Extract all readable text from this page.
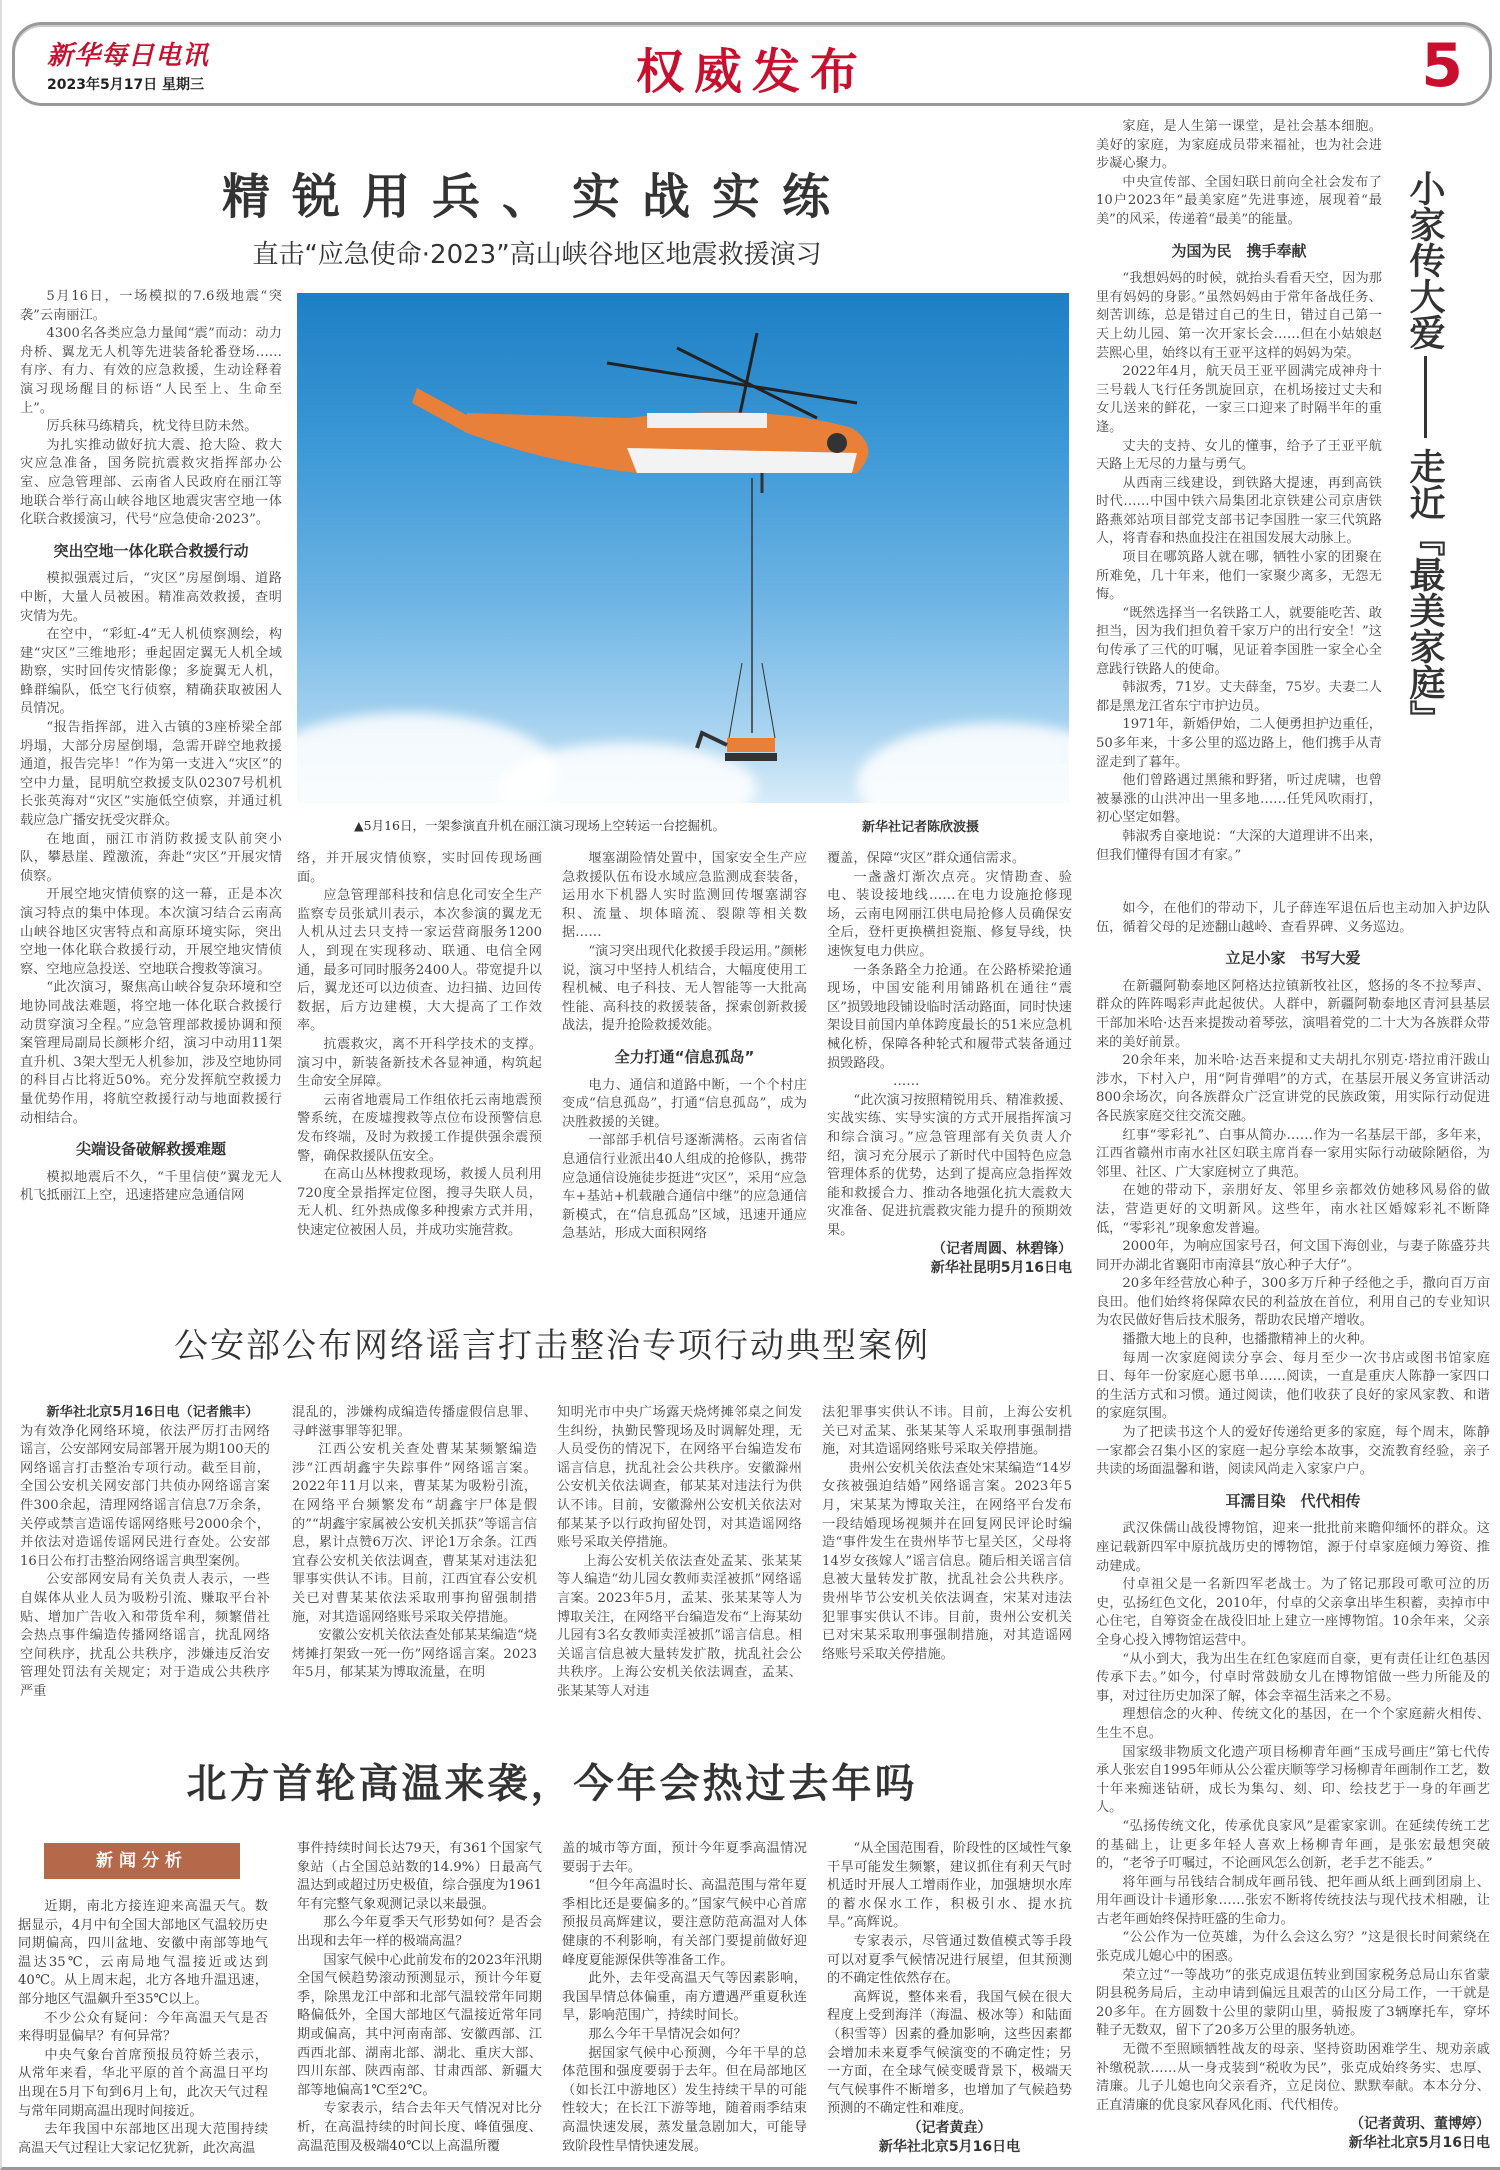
新华每日电讯
2023年5月17日 星期三	权威发布	5
精锐用兵、实战实练
直击“应急使命·2023”高山峡谷地区地震救援演习

5月16日，一场模拟的7.6级地震“突袭”云南丽江。

4300名各类应急力量闻“震”而动：动力舟桥、翼龙无人机等先进装备轮番登场……有序、有力、有效的应急救援，生动诠释着演习现场醒目的标语“人民至上、生命至上”。

厉兵秣马练精兵，枕戈待旦防未然。

为扎实推动做好抗大震、抢大险、救大灾应急准备，国务院抗震救灾指挥部办公室、应急管理部、云南省人民政府在丽江等地联合举行高山峡谷地区地震灾害空地一体化联合救援演习，代号“应急使命·2023”。

突出空地一体化联合救援行动

模拟强震过后，“灾区”房屋倒塌、道路中断，大量人员被困。精准高效救援，查明灾情为先。

在空中，“彩虹-4”无人机侦察测绘，构建“灾区”三维地形；垂起固定翼无人机全域勘察，实时回传灾情影像；多旋翼无人机，蜂群编队，低空飞行侦察，精确获取被困人员情况。

“报告指挥部，进入古镇的3座桥梁全部坍塌，大部分房屋倒塌，急需开辟空地救援通道，报告完毕！”作为第一支进入“灾区”的空中力量，昆明航空救援支队02307号机机长张英海对“灾区”实施低空侦察，并通过机载应急广播安抚受灾群众。

在地面，丽江市消防救援支队前突小队，攀悬崖、蹚激流，奔赴“灾区”开展灾情侦察。

开展空地灾情侦察的这一幕，正是本次演习特点的集中体现。本次演习结合云南高山峡谷地区灾害特点和高原环境实际，突出空地一体化联合救援行动，开展空地灾情侦察、空地应急投送、空地联合搜救等演习。

“此次演习，聚焦高山峡谷复杂环境和空地协同战法难题，将空地一体化联合救援行动贯穿演习全程。”应急管理部救援协调和预案管理局副局长颜彬介绍，演习中动用11架直升机、3架大型无人机参加，涉及空地协同的科目占比将近50%。充分发挥航空救援力量优势作用，将航空救援行动与地面救援行动相结合。

尖端设备破解救援难题

模拟地震后不久，“千里信使”翼龙无人机飞抵丽江上空，迅速搭建应急通信网

▲5月16日，一架参演直升机在丽江演习现场上空转运一台挖掘机。	新华社记者陈欣波摄

络，并开展灾情侦察，实时回传现场画面。

应急管理部科技和信息化司安全生产监察专员张斌川表示，本次参演的翼龙无人机从过去只支持一家运营商服务1200人，到现在实现移动、联通、电信全网通，最多可同时服务2400人。带宽提升以后，翼龙还可以边侦查、边扫描、边回传数据，后方边建模，大大提高了工作效率。

抗震救灾，离不开科学技术的支撑。演习中，新装备新技术各显神通，构筑起生命安全屏障。

云南省地震局工作组依托云南地震预警系统，在废墟搜救等点位布设预警信息发布终端，及时为救援工作提供强余震预警，确保救援队伍安全。

在高山丛林搜救现场，救援人员利用720度全景指挥定位图，搜寻失联人员，无人机、红外热成像多种搜索方式并用，快速定位被困人员，并成功实施营救。

堰塞湖险情处置中，国家安全生产应急救援队伍布设水域应急监测成套装备，运用水下机器人实时监测回传堰塞湖容积、流量、坝体暗流、裂隙等相关数据……

“演习突出现代化救援手段运用。”颜彬说，演习中坚持人机结合，大幅度使用工程机械、电子科技、无人智能等一大批高性能、高科技的救援装备，探索创新救援战法，提升抢险救援效能。

全力打通“信息孤岛”

电力、通信和道路中断，一个个村庄变成“信息孤岛”，打通“信息孤岛”，成为决胜救援的关键。

一部部手机信号逐渐满格。云南省信息通信行业派出40人组成的抢修队，携带应急通信设施徒步挺进“灾区”，采用“应急车+基站+机载融合通信中继”的应急通信新模式，在“信息孤岛”区域，迅速开通应急基站，形成大面积网络

覆盖，保障“灾区”群众通信需求。

一盏盏灯渐次点亮。灾情勘查、验电、装设接地线……在电力设施抢修现场，云南电网丽江供电局抢修人员确保安全后，登杆更换横担瓷瓶、修复导线，快速恢复电力供应。

一条条路全力抢通。在公路桥梁抢通现场，中国安能利用铺路机在通往“震区”损毁地段铺设临时活动路面，同时快速架设目前国内单体跨度最长的51米应急机械化桥，保障各种轮式和履带式装备通过损毁路段。

……

“此次演习按照精锐用兵、精准救援、实战实练、实导实演的方式开展指挥演习和综合演习。”应急管理部有关负责人介绍，演习充分展示了新时代中国特色应急管理体系的优势，达到了提高应急指挥效能和救援合力、推动各地强化抗大震救大灾准备、促进抗震救灾能力提升的预期效果。

（记者周圆、林碧锋）
新华社昆明5月16日电

家庭，是人生第一课堂，是社会基本细胞。美好的家庭，为家庭成员带来福祉，也为社会进步凝心聚力。

中央宣传部、全国妇联日前向全社会发布了10户2023年“最美家庭”先进事迹，展现着“最美”的风采，传递着“最美”的能量。

为国为民　携手奉献

“我想妈妈的时候，就抬头看看天空，因为那里有妈妈的身影。”虽然妈妈由于常年备战任务、刻苦训练，总是错过自己的生日，错过自己第一天上幼儿园、第一次开家长会……但在小姑娘赵芸熙心里，始终以有王亚平这样的妈妈为荣。

2022年4月，航天员王亚平圆满完成神舟十三号载人飞行任务凯旋回京，在机场接过丈夫和女儿送来的鲜花，一家三口迎来了时隔半年的重逢。

丈夫的支持、女儿的懂事，给予了王亚平航天路上无尽的力量与勇气。

从西南三线建设，到铁路大提速，再到高铁时代……中国中铁六局集团北京铁建公司京唐铁路燕郊站项目部党支部书记李国胜一家三代筑路人，将青春和热血投注在祖国发展大动脉上。

项目在哪筑路人就在哪，牺牲小家的团聚在所难免，几十年来，他们一家聚少离多，无怨无悔。

“既然选择当一名铁路工人，就要能吃苦、敢担当，因为我们担负着千家万户的出行安全！”这句传承了三代的叮嘱，见证着李国胜一家全心全意践行铁路人的使命。

韩淑秀，71岁。丈夫薛奎，75岁。夫妻二人都是黑龙江省东宁市护边员。

1971年，新婚伊始，二人便勇担护边重任，50多年来，十多公里的巡边路上，他们携手从青涩走到了暮年。

他们曾路遇过黑熊和野猪，听过虎啸，也曾被暴涨的山洪冲出一里多地……任凭风吹雨打，初心坚定如磐。

韩淑秀自豪地说：“大深的大道理讲不出来，但我们懂得有国才有家。”

小家传大爱
走近『最美家庭』

如今，在他们的带动下，儿子薛连军退伍后也主动加入护边队伍，循着父母的足迹翻山越岭、查看界碑、义务巡边。

立足小家　书写大爱

在新疆阿勒泰地区阿格达拉镇新牧社区，悠扬的冬不拉琴声、群众的阵阵喝彩声此起彼伏。人群中，新疆阿勒泰地区青河县基层干部加米哈·达吾来提拨动着琴弦，演唱着党的二十大为各族群众带来的美好前景。

20余年来，加米哈·达吾来提和丈夫胡扎尔别克·塔拉甫汗跋山涉水，下村入户，用“阿肯弹唱”的方式，在基层开展义务宣讲活动800余场次，向各族群众广泛宣讲党的民族政策，用实际行动促进各民族家庭交往交流交融。

红事“零彩礼”、白事从简办……作为一名基层干部，多年来，江西省赣州市南水社区妇联主席肖春一家用实际行动破除陋俗，为邻里、社区、广大家庭树立了典范。

在她的带动下，亲朋好友、邻里乡亲都效仿她移风易俗的做法，营造更好的文明新风。这些年，南水社区婚嫁彩礼不断降低，“零彩礼”现象愈发普遍。

2000年，为响应国家号召，何文国下海创业，与妻子陈盛芬共同开办湖北省襄阳市南漳县“放心种子大仔”。

20多年经营放心种子，300多万斤种子经他之手，撒向百万亩良田。他们始终将保障农民的利益放在首位，利用自己的专业知识为农民做好售后技术服务，帮助农民增产增收。

播撒大地上的良种，也播撒精神上的火种。

每周一次家庭阅读分享会、每月至少一次书店或图书馆家庭日、每年一份家庭心愿书单……阅读，一直是重庆人陈静一家四口的生活方式和习惯。通过阅读，他们收获了良好的家风家教、和谐的家庭氛围。

为了把读书这个人的爱好传递给更多的家庭，每个周末，陈静一家都会召集小区的家庭一起分享绘本故事，交流教育经验，亲子共读的场面温馨和谐，阅读风尚走入家家户户。

耳濡目染　代代相传

武汉侏儒山战役博物馆，迎来一批批前来瞻仰缅怀的群众。这座记载新四军中原抗战历史的博物馆，源于付卓家庭倾力筹资、推动建成。

付卓祖父是一名新四军老战士。为了铭记那段可歌可泣的历史，弘扬红色文化，2010年，付卓的父亲拿出毕生积蓄，卖掉市中心住宅，自筹资金在战役旧址上建立一座博物馆。10余年来，父亲全身心投入博物馆运营中。

“从小到大，我为出生在红色家庭而自豪，更有责任让红色基因传承下去。”如今，付卓时常鼓励女儿在博物馆做一些力所能及的事，对过往历史加深了解，体会幸福生活来之不易。

理想信念的火种、传统文化的基因，在一个个家庭薪火相传、生生不息。

国家级非物质文化遗产项目杨柳青年画“玉成号画庄”第七代传承人张宏自1995年师从公公霍庆顺等学习杨柳青年画制作工艺，数十年来痴迷钻研，成长为集勾、刻、印、绘技艺于一身的年画艺人。

“弘扬传统文化，传承优良家风”是霍家家训。在延续传统工艺的基础上，让更多年轻人喜欢上杨柳青年画，是张宏最想突破的，“老爷子叮嘱过，不论画风怎么创新，老手艺不能丢。”

将年画与吊钱结合制成年画吊钱、把年画从纸上画到团扇上、用年画设计卡通形象……张宏不断将传统技法与现代技术相融，让古老年画始终保持旺盛的生命力。

“公公作为一位英雄，为什么会这么穷？”这是很长时间萦绕在张克成儿媳心中的困惑。

荣立过“一等战功”的张克成退伍转业到国家税务总局山东省蒙阴县税务局后，主动申请到偏远且艰苦的山区分局工作，一干就是20多年。在方圆数十公里的蒙阴山里，骑报废了3辆摩托车，穿坏鞋子无数双，留下了20多万公里的服务轨迹。

无微不至照顾牺牲战友的母亲、坚持资助困难学生、规劝亲戚补缴税款……从一身戎装到“税收为民”，张克成始终务实、忠厚、清廉。儿子儿媳也向父亲看齐，立足岗位、默默奉献。本本分分、正直清廉的优良家风春风化雨、代代相传。

（记者黄玥、董博婷）
新华社北京5月16日电
公安部公布网络谣言打击整治专项行动典型案例

新华社北京5月16日电（记者熊丰）

为有效净化网络环境，依法严厉打击网络谣言，公安部网安局部署开展为期100天的网络谣言打击整治专项行动。截至目前，全国公安机关网安部门共侦办网络谣言案件300余起，清理网络谣言信息7万余条，关停或禁言造谣传谣网络账号2000余个，并依法对造谣传谣网民进行查处。公安部16日公布打击整治网络谣言典型案例。

公安部网安局有关负责人表示，一些自媒体从业人员为吸粉引流、赚取平台补贴、增加广告收入和带货牟利，频繁借社会热点事件编造传播网络谣言，扰乱网络空间秩序，扰乱公共秩序，涉嫌违反治安管理处罚法有关规定；对于造成公共秩序严重

混乱的，涉嫌构成编造传播虚假信息罪、寻衅滋事罪等犯罪。

江西公安机关查处曹某某频繁编造涉“江西胡鑫宇失踪事件”网络谣言案。2022年11月以来，曹某某为吸粉引流，在网络平台频繁发布“胡鑫宇尸体是假的”“胡鑫宇家属被公安机关抓获”等谣言信息，累计点赞6万次、评论1万余条。江西宜春公安机关依法调查，曹某某对违法犯罪事实供认不讳。目前，江西宜春公安机关已对曹某某依法采取刑事拘留强制措施，对其造谣网络账号采取关停措施。

安徽公安机关依法查处郁某某编造“烧烤摊打架致一死一伤”网络谣言案。2023年5月，郁某某为博取流量，在明

知明光市中央广场露天烧烤摊邻桌之间发生纠纷，执勤民警现场及时调解处理，无人员受伤的情况下，在网络平台编造发布谣言信息，扰乱社会公共秩序。安徽滁州公安机关依法调查，郁某某对违法行为供认不讳。目前，安徽滁州公安机关依法对郁某某予以行政拘留处罚，对其造谣网络账号采取关停措施。

上海公安机关依法查处孟某、张某某等人编造“幼儿园女教师卖淫被抓”网络谣言案。2023年5月，孟某、张某某等人为博取关注，在网络平台编造发布“上海某幼儿园有3名女教师卖淫被抓”谣言信息。相关谣言信息被大量转发扩散，扰乱社会公共秩序。上海公安机关依法调查，孟某、张某某等人对违

法犯罪事实供认不讳。目前，上海公安机关已对孟某、张某某等人采取刑事强制措施，对其造谣网络账号采取关停措施。

贵州公安机关依法查处宋某编造“14岁女孩被强迫结婚”网络谣言案。2023年5月，宋某某为博取关注，在网络平台发布一段结婚现场视频并在回复网民评论时编造“事件发生在贵州毕节七星关区，父母将14岁女孩嫁人”谣言信息。随后相关谣言信息被大量转发扩散，扰乱社会公共秩序。贵州毕节公安机关依法调查，宋某对违法犯罪事实供认不讳。目前，贵州公安机关已对宋某采取刑事强制措施，对其造谣网络账号采取关停措施。

北方首轮高温来袭，今年会热过去年吗
新闻分析

近期，南北方接连迎来高温天气。数据显示，4月中旬全国大部地区气温较历史同期偏高，四川盆地、安徽中南部等地气温达35℃，云南局地气温接近或达到40℃。从上周末起，北方各地升温迅速，部分地区气温飙升至35℃以上。

不少公众有疑问：今年高温天气是否来得明显偏早？有何异常？

中央气象台首席预报员符娇兰表示，从常年来看，华北平原的首个高温日平均出现在5月下旬到6月上旬，此次天气过程与常年同期高温出现时间接近。

去年我国中东部地区出现大范围持续高温天气过程让大家记忆犹新，此次高温

事件持续时间长达79天，有361个国家气象站（占全国总站数的14.9%）日最高气温达到或超过历史极值，综合强度为1961年有完整气象观测记录以来最强。

那么今年夏季天气形势如何？是否会出现和去年一样的极端高温？

国家气候中心此前发布的2023年汛期全国气候趋势滚动预测显示，预计今年夏季，除黑龙江中部和北部气温较常年同期略偏低外，全国大部地区气温接近常年同期或偏高，其中河南南部、安徽西部、江西西北部、湖南北部、湖北、重庆大部、四川东部、陕西南部、甘肃西部、新疆大部等地偏高1℃至2℃。

专家表示，结合去年天气情况对比分析，在高温持续的时间长度、峰值强度、高温范围及极端40℃以上高温所覆

盖的城市等方面，预计今年夏季高温情况要弱于去年。

“但今年高温时长、高温范围与常年夏季相比还是要偏多的。”国家气候中心首席预报员高辉建议，要注意防范高温对人体健康的不利影响，有关部门要提前做好迎峰度夏能源保供等准备工作。

此外，去年受高温天气等因素影响，我国旱情总体偏重，南方遭遇严重夏秋连旱，影响范围广，持续时间长。

那么今年干旱情况会如何？

据国家气候中心预测，今年干旱的总体范围和强度要弱于去年。但在局部地区（如长江中游地区）发生持续干旱的可能性较大；在长江下游等地，随着雨季结束高温快速发展，蒸发量急剧加大，可能导致阶段性旱情快速发展。

“从全国范围看，阶段性的区域性气象干旱可能发生频繁，建议抓住有利天气时机适时开展人工增雨作业，加强塘坝水库的蓄水保水工作，积极引水、提水抗旱。”高辉说。

专家表示，尽管通过数值模式等手段可以对夏季气候情况进行展望，但其预测的不确定性依然存在。

高辉说，整体来看，我国气候在很大程度上受到海洋（海温、极冰等）和陆面（积雪等）因素的叠加影响，这些因素都会增加未来夏季气候演变的不确定性；另一方面，在全球气候变暖背景下，极端天气气候事件不断增多，也增加了气候趋势预测的不确定性和难度。

（记者黄垚）
新华社北京5月16日电
